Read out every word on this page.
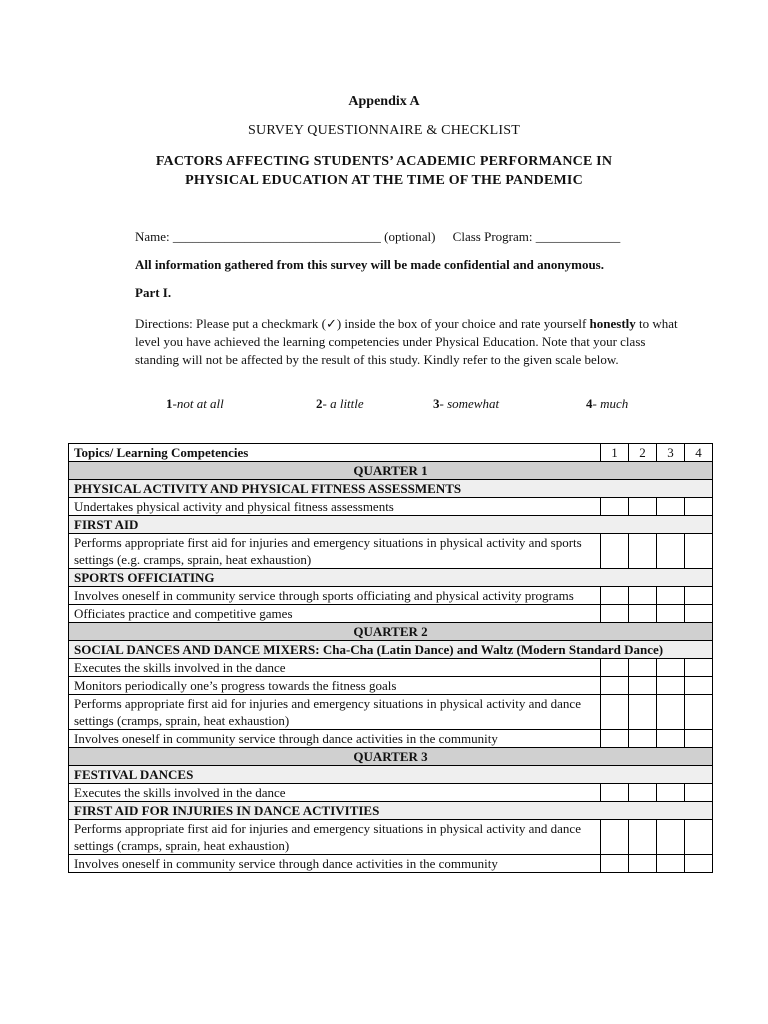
Appendix A
SURVEY QUESTIONNAIRE & CHECKLIST
FACTORS AFFECTING STUDENTS’ ACADEMIC PERFORMANCE IN
PHYSICAL EDUCATION AT THE TIME OF THE PANDEMIC
Name: ________________________________ (optional) Class Program: _____________
All information gathered from this survey will be made confidential and anonymous.
Part I.
Directions: Please put a checkmark (✓) inside the box of your choice and rate yourself honestly to what level you have achieved the learning competencies under Physical Education. Note that your class standing will not be affected by the result of this study. Kindly refer to the given scale below.
1-not at all	2- a little	3- somewhat	4- much
Topics/ Learning Competencies	1	2	3	4
QUARTER 1				
PHYSICAL ACTIVITY AND PHYSICAL FITNESS ASSESSMENTS				
Undertakes physical activity and physical fitness assessments				
FIRST AID				
Performs appropriate first aid for injuries and emergency situations in physical activity and sports settings (e.g. cramps, sprain, heat exhaustion)				
SPORTS OFFICIATING				
Involves oneself in community service through sports officiating and physical activity programs				
Officiates practice and competitive games				
QUARTER 2				
SOCIAL DANCES AND DANCE MIXERS: Cha-Cha (Latin Dance) and Waltz (Modern Standard Dance)				
Executes the skills involved in the dance				
Monitors periodically one’s progress towards the fitness goals				
Performs appropriate first aid for injuries and emergency situations in physical activity and dance settings (cramps, sprain, heat exhaustion)				
Involves oneself in community service through dance activities in the community				
QUARTER 3				
FESTIVAL DANCES				
Executes the skills involved in the dance				
FIRST AID FOR INJURIES IN DANCE ACTIVITIES				
Performs appropriate first aid for injuries and emergency situations in physical activity and dance settings (cramps, sprain, heat exhaustion)				
Involves oneself in community service through dance activities in the community				
